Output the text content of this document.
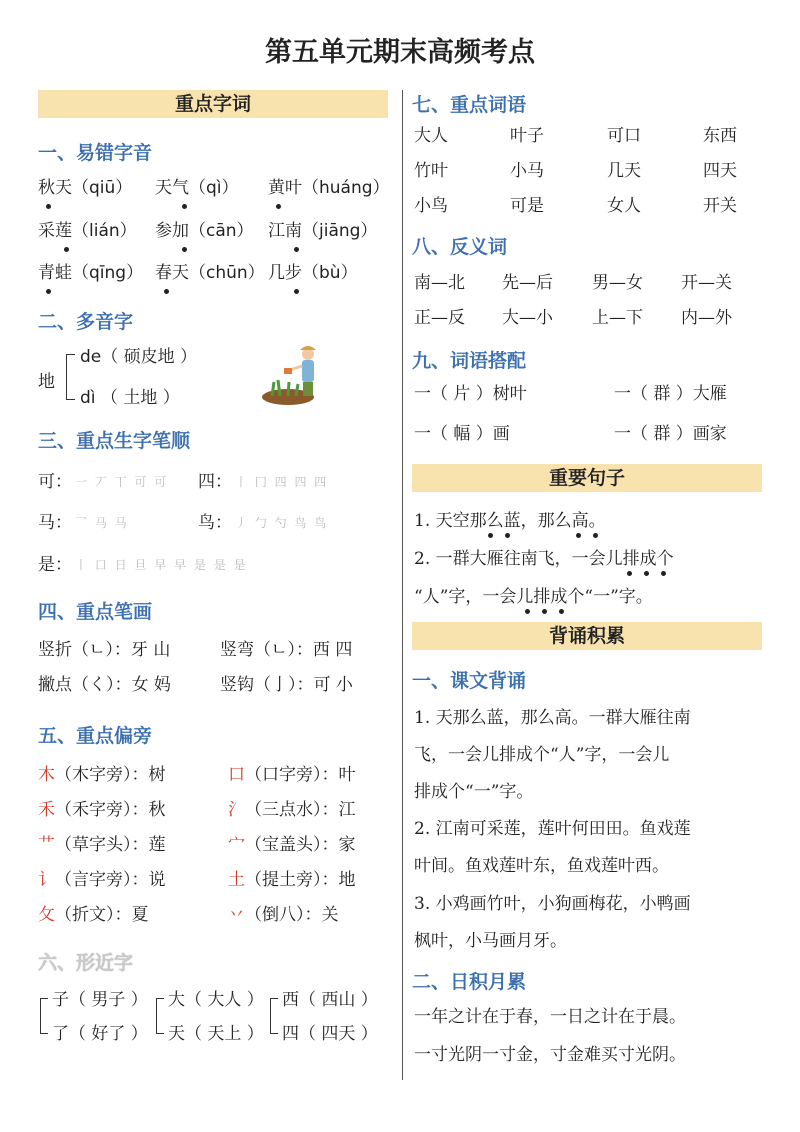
第五单元期末高频考点
重点字词
一、易错字音
秋天（qiū） 天气（qì） 黄叶（huáng）
采莲（lián） 参加（cān） 江南（jiāng）
青蛙（qīng） 春天（chūn） 几步（bù）
二、多音字
地
de（ 硕皮地 ）
dì （ 土地 ）
三、重点生字笔顺
可： 一 丆 丅 可 可 四： 丨 冂 四 四 四
马： 乛 马 马	鸟： 丿 勹 勺 鸟 鸟
是： 丨 口 日 旦 早 早 是 是 是
四、重点笔画
竖折（ㄴ）：牙 山	竖弯（ㄴ）：西 四
撇点（く）：女 妈	竖钩（亅）：可 小
五、重点偏旁
木（木字旁）：树	口（口字旁）：叶
禾（禾字旁）：秋	氵（三点水）：江
艹（草字头）：莲	宀（宝盖头）：家
讠（言字旁）：说	土（提土旁）：地
攵（折文）：夏	丷（倒八）：关
六、形近字
子（ 男子 ）
了（ 好了 ）
大（ 大人 ）
天（ 天上 ）
西（ 西山 ）
四（ 四天 ）
七、重点词语
大人	叶子	可口	东西
竹叶	小马	几天	四天
小鸟	可是	女人	开关
八、反义词
南—北 先—后 男—女 开—关
正—反 大—小 上—下 内—外
九、词语搭配
一（ 片 ）树叶	一（ 群 ）大雁
一（ 幅 ）画	一（ 群 ）画家
重要句子
1. 天空那么蓝，那么高。
2. 一群大雁往南飞，一会儿排成个
“人”字，一会儿排成个“一”字。
背诵积累
一、课文背诵
1. 天那么蓝，那么高。一群大雁往南
飞，一会儿排成个“人”字，一会儿
排成个“一”字。
2. 江南可采莲，莲叶何田田。鱼戏莲
叶间。鱼戏莲叶东，鱼戏莲叶西。
3. 小鸡画竹叶，小狗画梅花，小鸭画
枫叶，小马画月牙。
二、日积月累
一年之计在于春，一日之计在于晨。
一寸光阴一寸金，寸金难买寸光阴。
